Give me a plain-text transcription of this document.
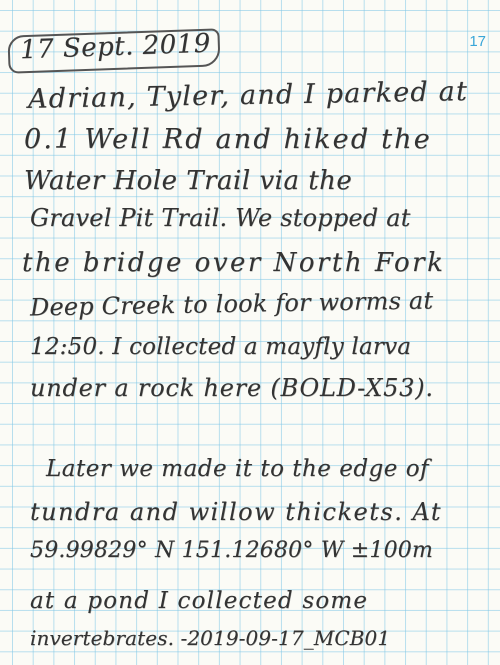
17
17 Sept. 2019
Adrian, Tyler, and I parked at
0.1 Well Rd and hiked the
Water Hole Trail via the
Gravel Pit Trail. We stopped at
the bridge over North Fork
Deep Creek to look for worms at
12:50. I collected a mayfly larva
under a rock here (BOLD-X53).
Later we made it to the edge of
tundra and willow thickets. At
59.99829° N 151.12680° W ±100m
at a pond I collected some
invertebrates. -2019-09-17_MCB01
